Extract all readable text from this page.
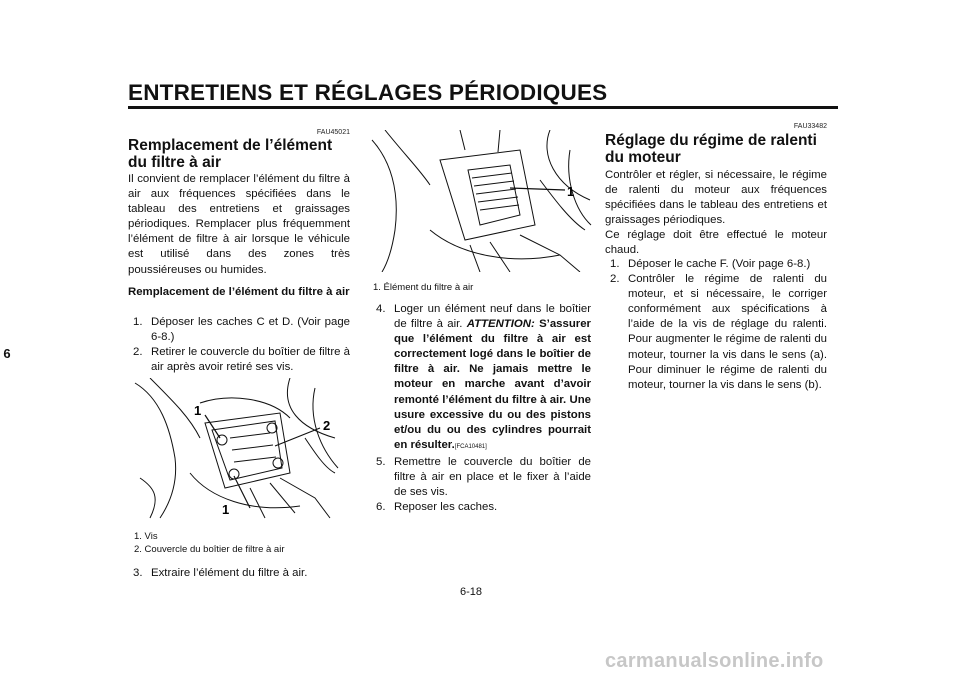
ENTRETIENS ET RÉGLAGES PÉRIODIQUES
6
FAU45021
Remplacement de l’élément du filtre à air

Il convient de remplacer l’élément du filtre à air aux fréquences spécifiées dans le tableau des entretiens et graissages périodiques. Remplacer plus fréquemment l’élément de filtre à air lorsque le véhicule est utilisé dans des zones très poussiéreuses ou humides.

Remplacement de l’élément du filtre à air
1. Déposer les caches C et D. (Voir page 6-8.)
2. Retirer le couvercle du boîtier de filtre à air après avoir retiré ses vis.
1
2
1
1. Vis
2. Couvercle du boîtier de filtre à air
3. Extraire l’élément du filtre à air.
1
1. Élément du filtre à air
4. Loger un élément neuf dans le boîtier de filtre à air. ATTENTION: S’assurer que l’élément du filtre à air est correctement logé dans le boîtier de filtre à air. Ne jamais mettre le moteur en marche avant d’avoir remonté l’élément du filtre à air. Une usure excessive du ou des pistons et/ou du ou des cylindres pourrait en résulter.[FCA10481]
5. Remettre le couvercle du boîtier de filtre à air en place et le fixer à l’aide de ses vis.
6. Reposer les caches.
FAU33482
Réglage du régime de ralenti du moteur

Contrôler et régler, si nécessaire, le régime de ralenti du moteur aux fréquences spécifiées dans le tableau des entretiens et graissages périodiques.

Ce réglage doit être effectué le moteur chaud.

1. Déposer le cache F. (Voir page 6-8.)
2. Contrôler le régime de ralenti du moteur, et si nécessaire, le corriger conformément aux spécifications à l’aide de la vis de réglage du ralenti. Pour augmenter le régime de ralenti du moteur, tourner la vis dans le sens (a). Pour diminuer le régime de ralenti du moteur, tourner la vis dans le sens (b).
6-18
carmanualsonline.info
